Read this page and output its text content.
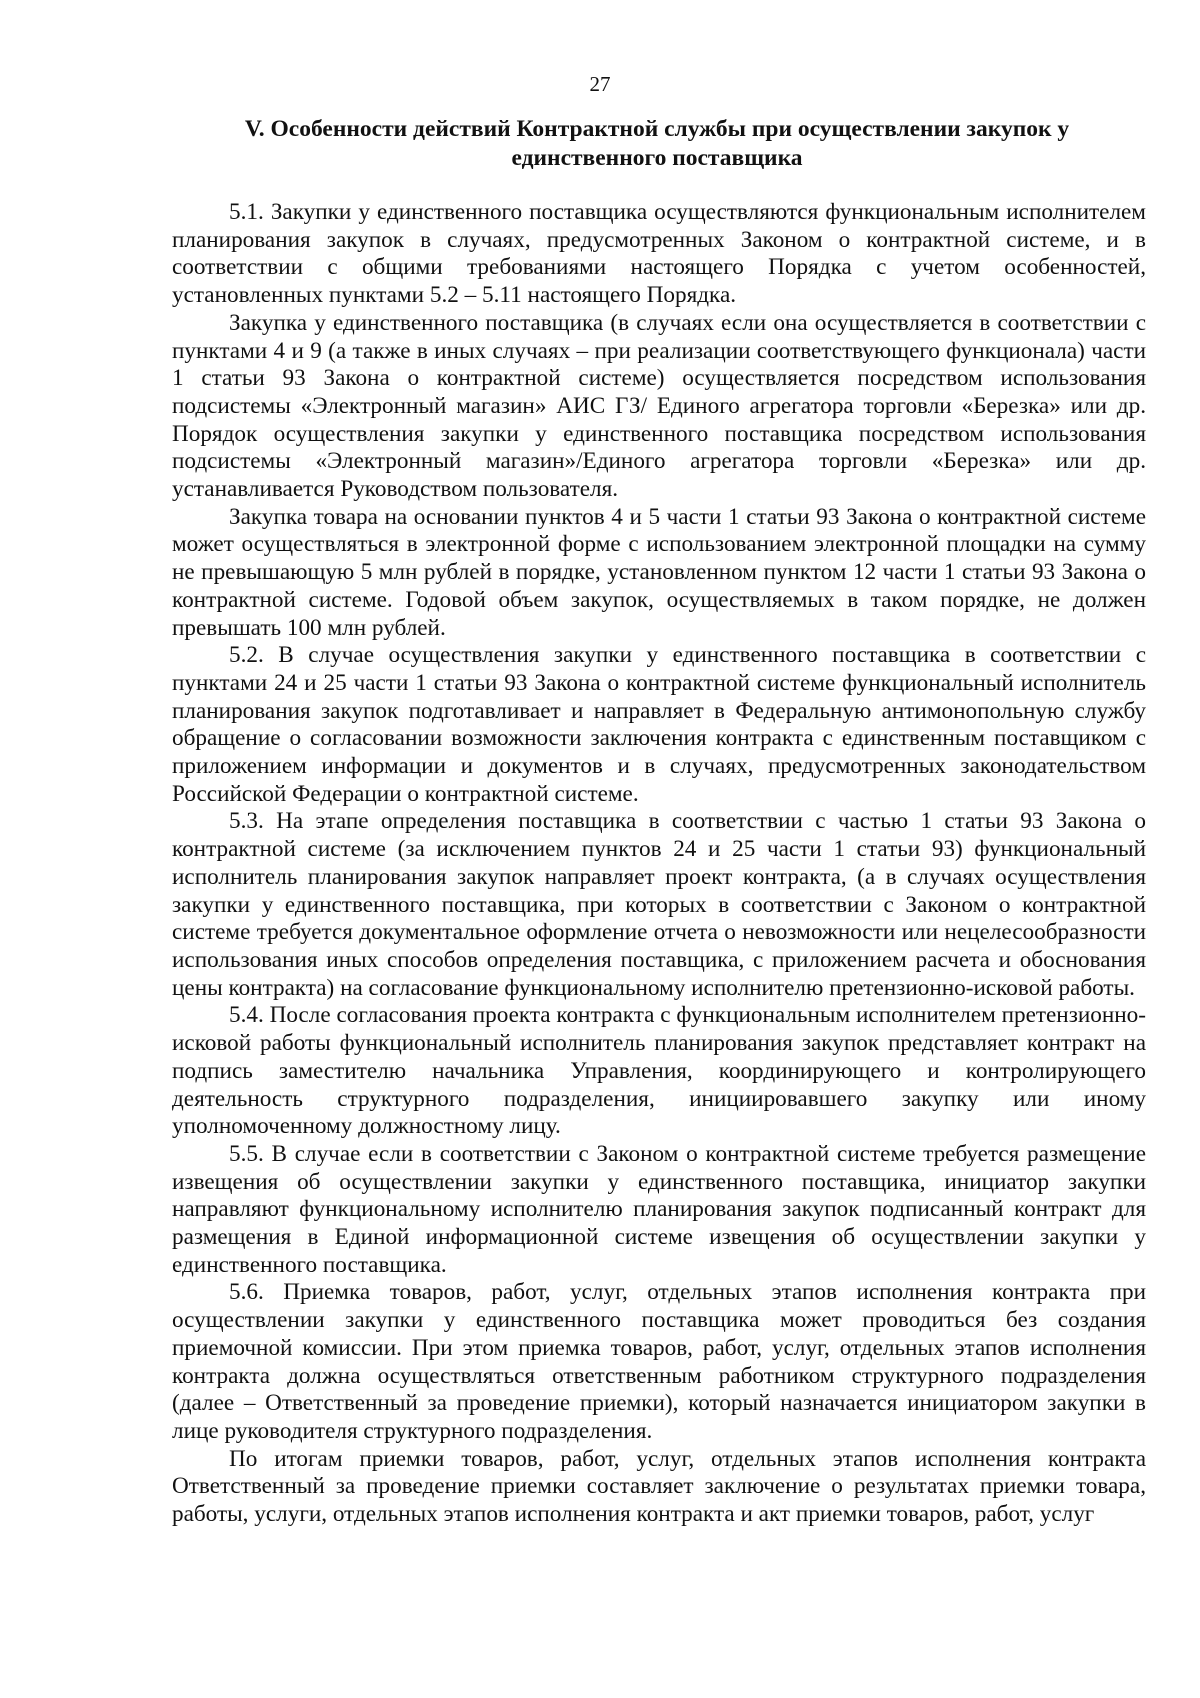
27
V. Особенности действий Контрактной службы при осуществлении закупок у единственного поставщика

5.1. Закупки у единственного поставщика осуществляются функциональным исполнителем планирования закупок в случаях, предусмотренных Законом о контрактной системе, и в соответствии с общими требованиями настоящего Порядка с учетом особенностей, установленных пунктами 5.2 – 5.11 настоящего Порядка.

Закупка у единственного поставщика (в случаях если она осуществляется в соответствии с пунктами 4 и 9 (а также в иных случаях – при реализации соответствующего функционала) части 1 статьи 93 Закона о контрактной системе) осуществляется посредством использования подсистемы «Электронный магазин» АИС ГЗ/ Единого агрегатора торговли «Березка» или др. Порядок осуществления закупки у единственного поставщика посредством использования подсистемы «Электронный магазин»/Единого агрегатора торговли «Березка» или др. устанавливается Руководством пользователя.

Закупка товара на основании пунктов 4 и 5 части 1 статьи 93 Закона о контрактной системе может осуществляться в электронной форме с использованием электронной площадки на сумму не превышающую 5 млн рублей в порядке, установленном пунктом 12 части 1 статьи 93 Закона о контрактной системе. Годовой объем закупок, осуществляемых в таком порядке, не должен превышать 100 млн рублей.

5.2. В случае осуществления закупки у единственного поставщика в соответствии с пунктами 24 и 25 части 1 статьи 93 Закона о контрактной системе функциональный исполнитель планирования закупок подготавливает и направляет в Федеральную антимонопольную службу обращение о согласовании возможности заключения контракта с единственным поставщиком с приложением информации и документов и в случаях, предусмотренных законодательством Российской Федерации о контрактной системе.

5.3. На этапе определения поставщика в соответствии с частью 1 статьи 93 Закона о контрактной системе (за исключением пунктов 24 и 25 части 1 статьи 93) функциональный исполнитель планирования закупок направляет проект контракта, (а в случаях осуществления закупки у единственного поставщика, при которых в соответствии с Законом о контрактной системе требуется документальное оформление отчета о невозможности или нецелесообразности использования иных способов определения поставщика, с приложением расчета и обоснования цены контракта) на согласование функциональному исполнителю претензионно-исковой работы.

5.4. После согласования проекта контракта с функциональным исполнителем претензионно-исковой работы функциональный исполнитель планирования закупок представляет контракт на подпись заместителю начальника Управления, координирующего и контролирующего деятельность структурного подразделения, инициировавшего закупку или иному уполномоченному должностному лицу.

5.5. В случае если в соответствии с Законом о контрактной системе требуется размещение извещения об осуществлении закупки у единственного поставщика, инициатор закупки направляют функциональному исполнителю планирования закупок подписанный контракт для размещения в Единой информационной системе извещения об осуществлении закупки у единственного поставщика.

5.6. Приемка товаров, работ, услуг, отдельных этапов исполнения контракта при осуществлении закупки у единственного поставщика может проводиться без создания приемочной комиссии. При этом приемка товаров, работ, услуг, отдельных этапов исполнения контракта должна осуществляться ответственным работником структурного подразделения (далее – Ответственный за проведение приемки), который назначается инициатором закупки в лице руководителя структурного подразделения.

По итогам приемки товаров, работ, услуг, отдельных этапов исполнения контракта Ответственный за проведение приемки составляет заключение о результатах приемки товара, работы, услуги, отдельных этапов исполнения контракта и акт приемки товаров, работ, услуг
